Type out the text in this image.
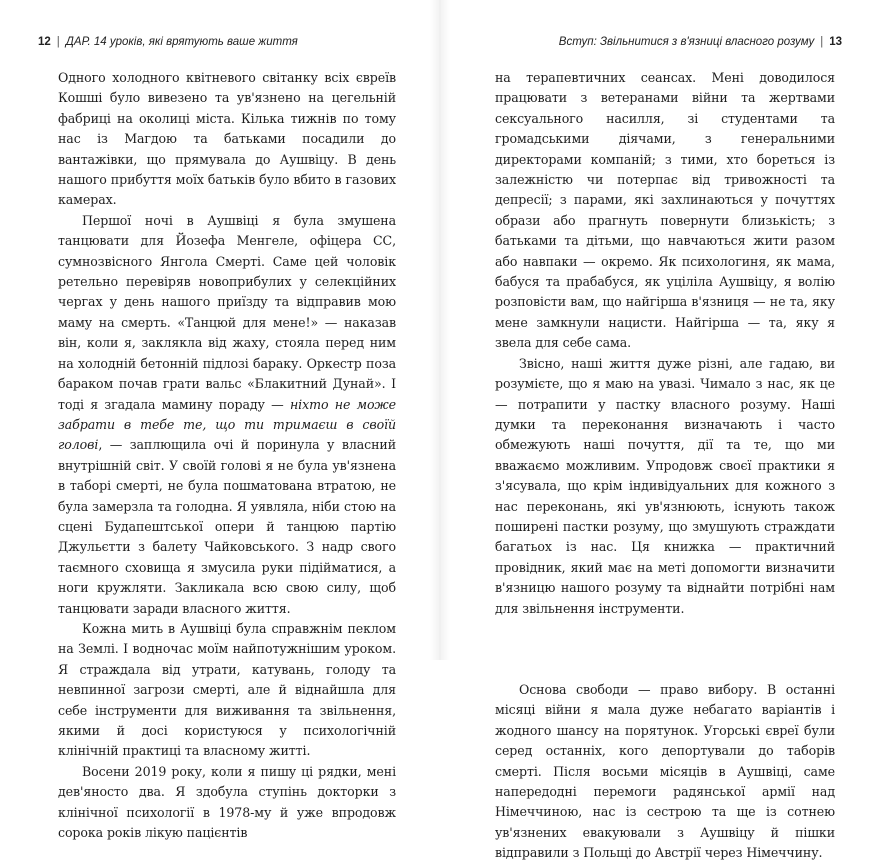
12 | ДАР. 14 уроків, які врятують ваше життя

Одного холодного квітневого світанку всіх євреїв Кошші було вивезено та ув'язнено на цегельній фабриці на околиці міста. Кілька тижнів по тому нас із Магдою та батьками посадили до вантажівки, що прямувала до Аушвіцу. В день нашого прибуття моїх батьків було вбито в газових камерах.

Першої ночі в Аушвіці я була змушена танцювати для Йозефа Менгеле, офіцера СС, сумнозвісного Янгола Смерті. Саме цей чоловік ретельно перевіряв новоприбулих у селекційних чергах у день нашого приїзду та відправив мою маму на смерть. «Танцюй для мене!» — наказав він, коли я, заклякла від жаху, стояла перед ним на холодній бетонній підлозі бараку. Оркестр поза бараком почав грати вальс «Блакитний Дунай». І тоді я згадала мамину пораду — ніхто не може забрати в тебе те, що ти тримаєш в своїй голові, — заплющила очі й поринула у власний внутрішній світ. У своїй голові я не була ув'язнена в таборі смерті, не була пошматована втратою, не була замерзла та голодна. Я уявляла, ніби стою на сцені Будапештської опери й танцюю партію Джульєтти з балету Чайковського. З надр свого таємного сховища я змусила руки підійматися, а ноги кружляти. Закликала всю свою силу, щоб танцювати заради власного життя.

Кожна мить в Аушвіці була справжнім пеклом на Землі. І водночас моїм найпотужнішим уроком. Я страждала від утрати, катувань, голоду та невпинної загрози смерті, але й віднайшла для себе інструменти для виживання та звільнення, якими й досі користуюся у психологічній клінічній практиці та власному житті.

Восени 2019 року, коли я пишу ці рядки, мені дев'яносто два. Я здобула ступінь докторки з клінічної психології в 1978-му й уже впродовж сорока років лікую пацієнтів

Вступ: Звільнитися з в'язниці власного розуму | 13

на терапевтичних сеансах. Мені доводилося працювати з ветеранами війни та жертвами сексуального насилля, зі студентами та громадськими діячами, з генеральними директорами компаній; з тими, хто бореться із залежністю чи потерпає від тривожності та депресії; з парами, які захлинаються у почуттях образи або прагнуть повернути близькість; з батьками та дітьми, що навчаються жити разом або навпаки — окремо. Як психологиня, як мама, бабуся та прабабуся, як уціліла Аушвіцу, я волію розповісти вам, що найгірша в'язниця — не та, яку мене замкнули нацисти. Найгірша — та, яку я звела для себе сама.

Звісно, наші життя дуже різні, але гадаю, ви розумієте, що я маю на увазі. Чимало з нас, як це — потрапити у пастку власного розуму. Наші думки та переконання визначають і часто обмежують наші почуття, дії та те, що ми вважаємо можливим. Упродовж своєї практики я з'ясувала, що крім індивідуальних для кожного з нас переконань, які ув'язнюють, існують також поширені пастки розуму, що змушують страждати багатьох із нас. Ця книжка — практичний провідник, який має на меті допомогти визначити в'язницю нашого розуму та віднайти потрібні нам для звільнення інструменти.

Основа свободи — право вибору. В останні місяці війни я мала дуже небагато варіантів і жодного шансу на порятунок. Угорські євреї були серед останніх, кого депортували до таборів смерті. Після восьми місяців в Аушвіці, саме напередодні перемоги радянської армії над Німеччиною, нас із сестрою та ще із сотнею ув'язнених евакуювали з Аушвіцу й пішки відправили з Польщі до Австрії через Німеччину.
